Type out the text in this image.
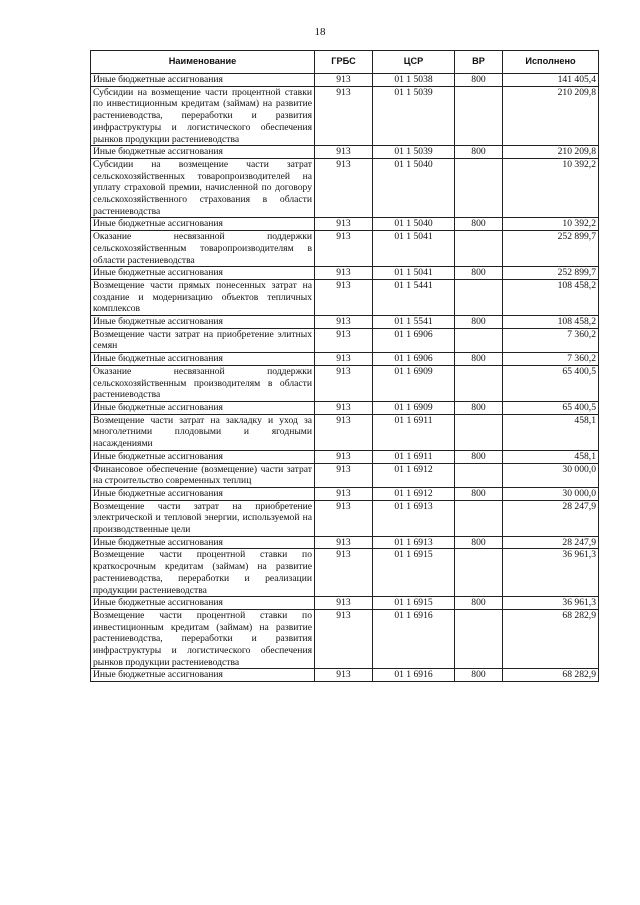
18
Наименование	ГРБС	ЦСР	ВР	Исполнено
Иные бюджетные ассигнования	913	01 1 5038	800	141 405,4
Субсидии на возмещение части процентной ставки по инвестиционным кредитам (займам) на развитие растениеводства, переработки и развития инфраструктуры и логистического обеспечения рынков продукции растениеводства	913	01 1 5039		210 209,8
Иные бюджетные ассигнования	913	01 1 5039	800	210 209,8
Субсидии на возмещение части затрат сельскохозяйственных товаропроизводителей на уплату страховой премии, начисленной по договору сельскохозяйственного страхования в области растениеводства	913	01 1 5040		10 392,2
Иные бюджетные ассигнования	913	01 1 5040	800	10 392,2
Оказание несвязанной поддержки сельскохозяйственным товаропроизводителям в области растениеводства	913	01 1 5041		252 899,7
Иные бюджетные ассигнования	913	01 1 5041	800	252 899,7
Возмещение части прямых понесенных затрат на создание и модернизацию объектов тепличных комплексов	913	01 1 5441		108 458,2
Иные бюджетные ассигнования	913	01 1 5541	800	108 458,2
Возмещение части затрат на приобретение элитных семян	913	01 1 6906		7 360,2
Иные бюджетные ассигнования	913	01 1 6906	800	7 360,2
Оказание несвязанной поддержки сельскохозяйственным производителям в области растениеводства	913	01 1 6909		65 400,5
Иные бюджетные ассигнования	913	01 1 6909	800	65 400,5
Возмещение части затрат на закладку и уход за многолетними плодовыми и ягодными насаждениями	913	01 1 6911		458,1
Иные бюджетные ассигнования	913	01 1 6911	800	458,1
Финансовое обеспечение (возмещение) части затрат на строительство современных теплиц	913	01 1 6912		30 000,0
Иные бюджетные ассигнования	913	01 1 6912	800	30 000,0
Возмещение части затрат на приобретение электрической и тепловой энергии, используемой на производственные цели	913	01 1 6913		28 247,9
Иные бюджетные ассигнования	913	01 1 6913	800	28 247,9
Возмещение части процентной ставки по краткосрочным кредитам (займам) на развитие растениеводства, переработки и реализации продукции растениеводства	913	01 1 6915		36 961,3
Иные бюджетные ассигнования	913	01 1 6915	800	36 961,3
Возмещение части процентной ставки по инвестиционным кредитам (займам) на развитие растениеводства, переработки и развития инфраструктуры и логистического обеспечения рынков продукции растениеводства	913	01 1 6916		68 282,9
Иные бюджетные ассигнования	913	01 1 6916	800	68 282,9
